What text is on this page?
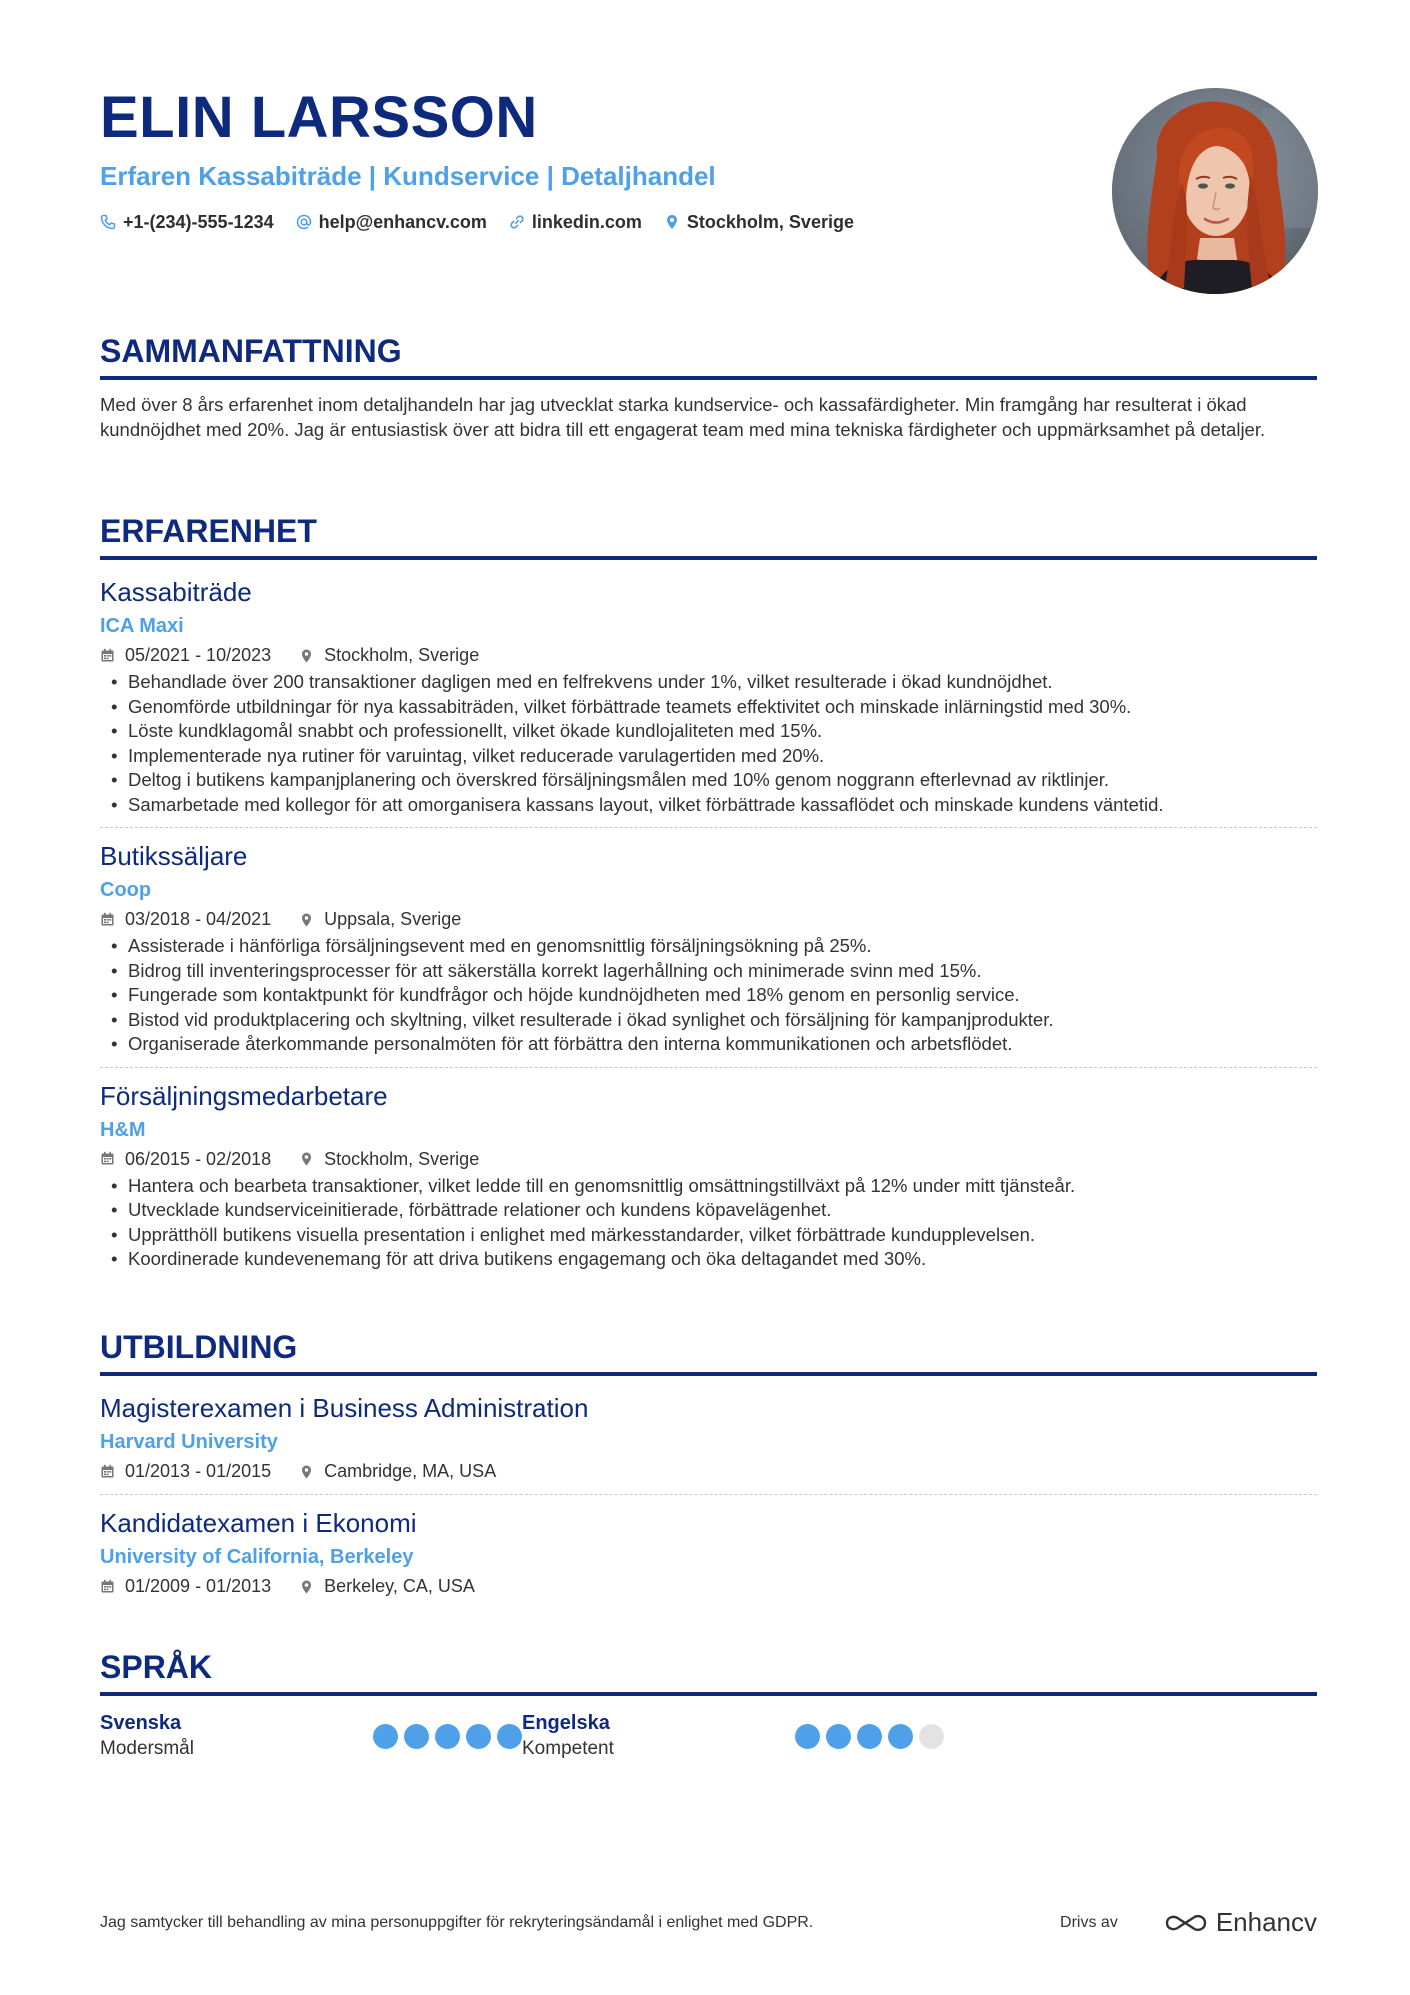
ELIN LARSSON
Erfaren Kassabiträde | Kundservice | Detaljhandel
+1-(234)-555-1234	help@enhancv.com	linkedin.com	Stockholm, Sverige
SAMMANFATTNING
Med över 8 års erfarenhet inom detaljhandeln har jag utvecklat starka kundservice- och kassafärdigheter. Min framgång har resulterat i ökad kundnöjdhet med 20%. Jag är entusiastisk över att bidra till ett engagerat team med mina tekniska färdigheter och uppmärksamhet på detaljer.
ERFARENHET
Kassabiträde
ICA Maxi
05/2021 - 10/2023	Stockholm, Sverige
• Behandlade över 200 transaktioner dagligen med en felfrekvens under 1%, vilket resulterade i ökad kundnöjdhet.
• Genomförde utbildningar för nya kassabiträden, vilket förbättrade teamets effektivitet och minskade inlärningstid med 30%.
• Löste kundklagomål snabbt och professionellt, vilket ökade kundlojaliteten med 15%.
• Implementerade nya rutiner för varuintag, vilket reducerade varulagertiden med 20%.
• Deltog i butikens kampanjplanering och överskred försäljningsmålen med 10% genom noggrann efterlevnad av riktlinjer.
• Samarbetade med kollegor för att omorganisera kassans layout, vilket förbättrade kassaflödet och minskade kundens väntetid.
Butikssäljare
Coop
03/2018 - 04/2021	Uppsala, Sverige
• Assisterade i hänförliga försäljningsevent med en genomsnittlig försäljningsökning på 25%.
• Bidrog till inventeringsprocesser för att säkerställa korrekt lagerhållning och minimerade svinn med 15%.
• Fungerade som kontaktpunkt för kundfrågor och höjde kundnöjdheten med 18% genom en personlig service.
• Bistod vid produktplacering och skyltning, vilket resulterade i ökad synlighet och försäljning för kampanjprodukter.
• Organiserade återkommande personalmöten för att förbättra den interna kommunikationen och arbetsflödet.
Försäljningsmedarbetare
H&M
06/2015 - 02/2018	Stockholm, Sverige
• Hantera och bearbeta transaktioner, vilket ledde till en genomsnittlig omsättningstillväxt på 12% under mitt tjänsteår.
• Utvecklade kundserviceinitierade, förbättrade relationer och kundens köpavelägenhet.
• Upprätthöll butikens visuella presentation i enlighet med märkesstandarder, vilket förbättrade kundupplevelsen.
• Koordinerade kundevenemang för att driva butikens engagemang och öka deltagandet med 30%.
UTBILDNING
Magisterexamen i Business Administration
Harvard University
01/2013 - 01/2015	Cambridge, MA, USA
Kandidatexamen i Ekonomi
University of California, Berkeley
01/2009 - 01/2013	Berkeley, CA, USA
SPRÅK
Svenska
Modersmål
Engelska
Kompetent
Jag samtycker till behandling av mina personuppgifter för rekryteringsändamål i enlighet med GDPR.	Drivs av	Enhancv
